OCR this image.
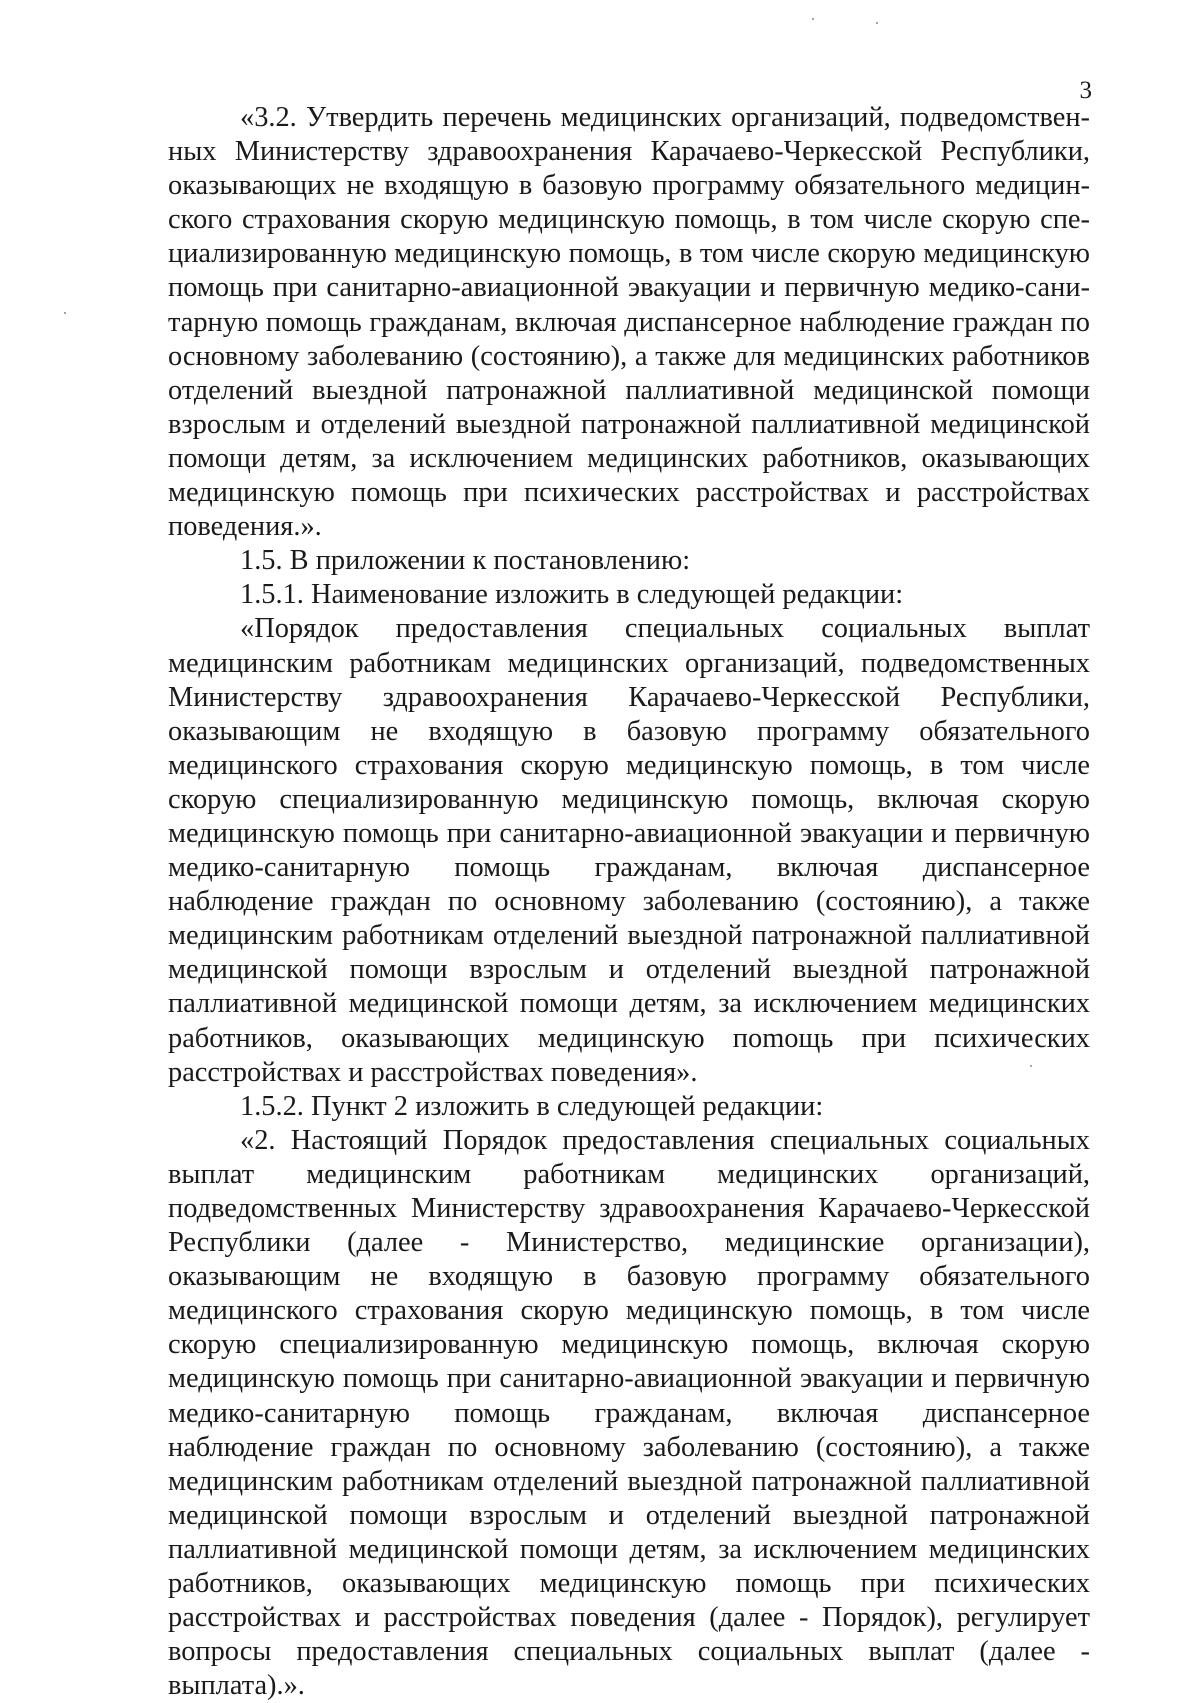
3

«3.2. Утвердить перечень медицинских организаций, подведомственных Министерству здравоохранения Карачаево-Черкесской Республики, оказывающих не входящую в базовую программу обязательного медицинского страхования скорую медицинскую помощь, в том числе скорую специализированную медицинскую помощь, в том числе скорую медицинскую помощь при санитарно-авиационной эвакуации и первичную медико-санитарную помощь гражданам, включая диспансерное наблюдение граждан по основному заболеванию (состоянию), а также для медицинских работников отделений выездной патронажной паллиативной медицинской помощи взрослым и отделений выездной патронажной паллиативной медицинской помощи детям, за исключением медицинских работников, оказывающих медицинскую помощь при психических расстройствах и расстройствах поведения.».

1.5. В приложении к постановлению:

1.5.1. Наименование изложить в следующей редакции:

«Порядок предоставления специальных социальных выплат медицинским работникам медицинских организаций, подведомственных Министерству здравоохранения Карачаево-Черкесской Республики, оказывающим не входящую в базовую программу обязательного медицинского страхования скорую медицинскую помощь, в том числе скорую специализированную медицинскую помощь, включая скорую медицинскую помощь при санитарно-авиационной эвакуации и первичную медико-санитарную помощь гражданам, включая диспансерное наблюдение граждан по основному заболеванию (состоянию), а также медицинским работникам отделений выездной патронажной паллиативной медицинской помощи взрослым и отделений выездной патронажной паллиативной медицинской помощи детям, за исключением медицинских работников, оказывающих медицинскую поmощь при психических расстройствах и расстройствах поведения».

1.5.2. Пункт 2 изложить в следующей редакции:

«2. Настоящий Порядок предоставления специальных социальных выплат медицинским работникам медицинских организаций, подведомственных Министерству здравоохранения Карачаево-Черкесской Республики (далее - Министерство, медицинские организации), оказывающим не входящую в базовую программу обязательного медицинского страхования скорую медицинскую помощь, в том числе скорую специализированную медицинскую помощь, включая скорую медицинскую помощь при санитарно-авиационной эвакуации и первичную медико-санитарную помощь гражданам, включая диспансерное наблюдение граждан по основному заболеванию (состоянию), а также медицинским работникам отделений выездной патронажной паллиативной медицинской помощи взрослым и отделений выездной патронажной паллиативной медицинской помощи детям, за исключением медицинских работников, оказывающих медицинскую помощь при психических расстройствах и расстройствах поведения (далее - Порядок), регулирует вопросы предоставления специальных социальных выплат (далее - выплата).».
